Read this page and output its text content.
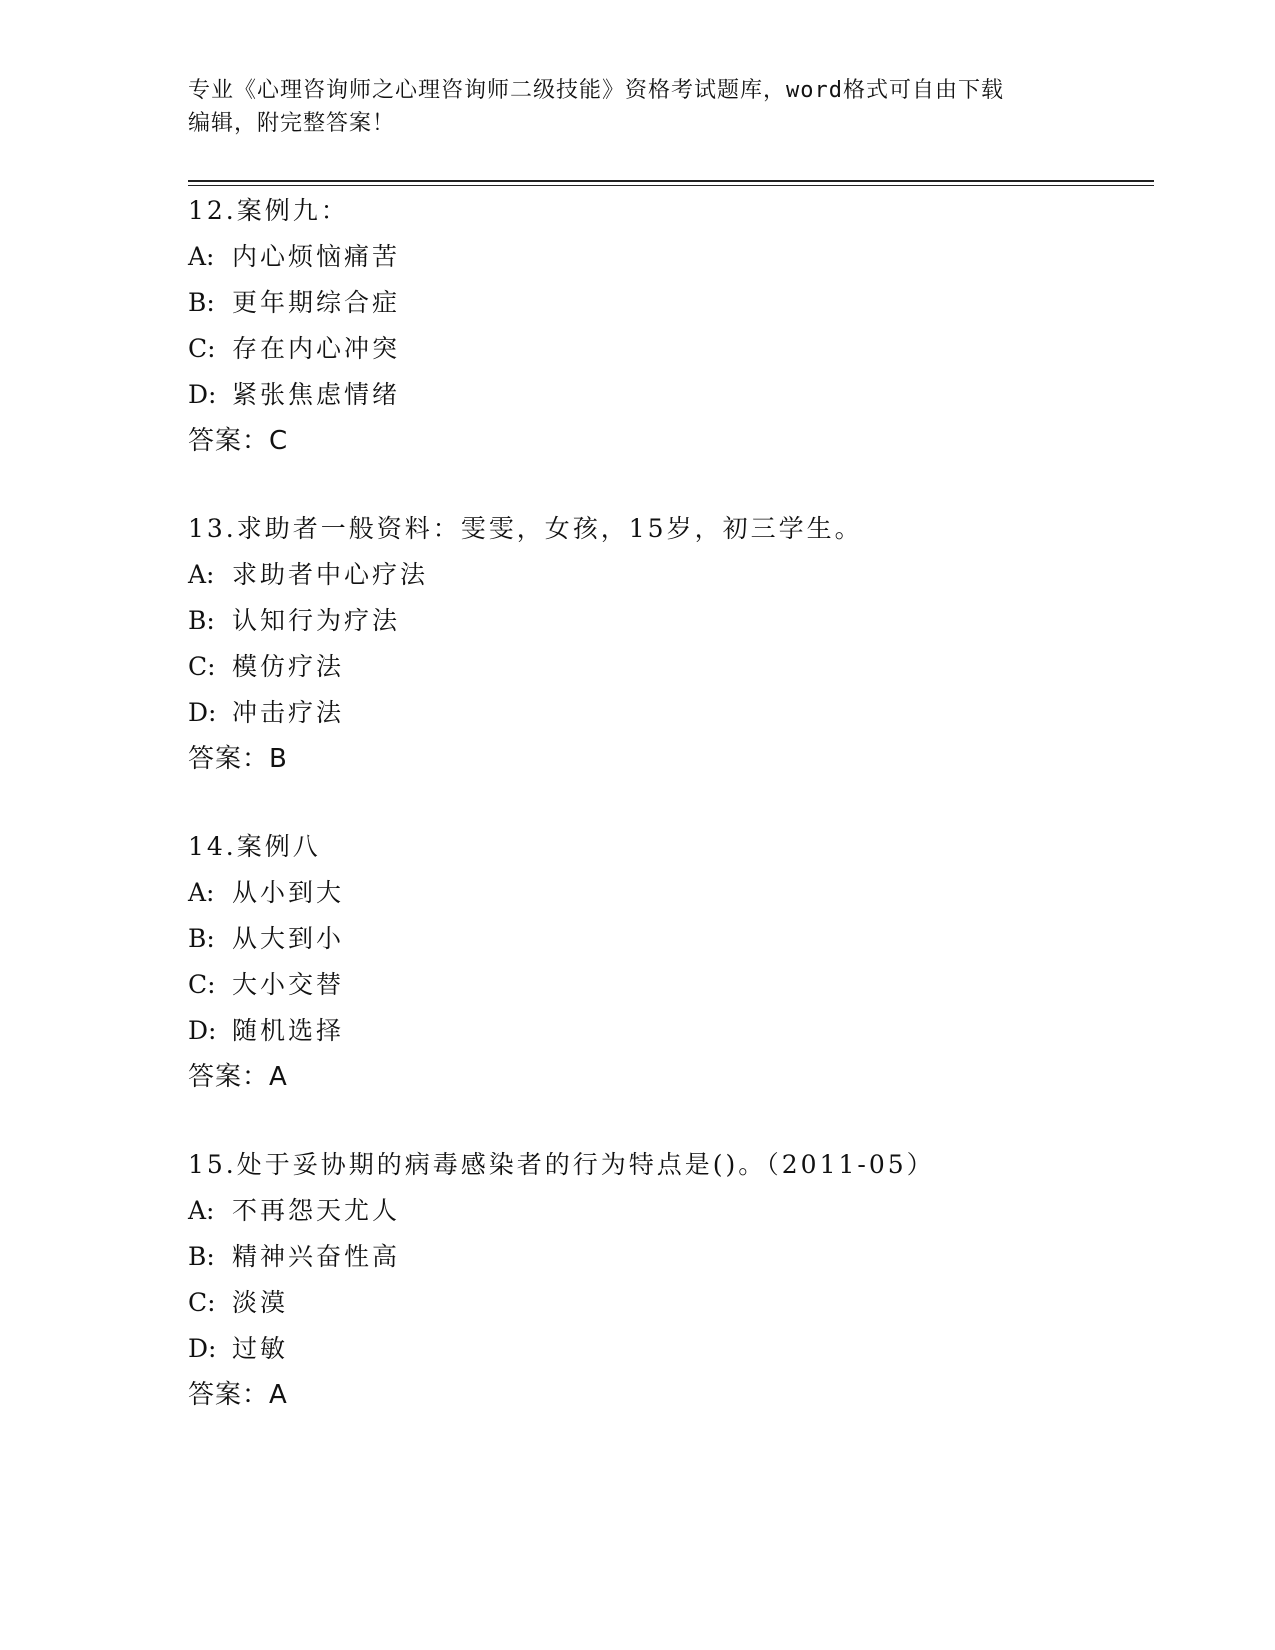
专业《心理咨询师之心理咨询师二级技能》资格考试题库，word格式可自由下载
编辑，附完整答案！
12.案例九：
A: 内心烦恼痛苦
B: 更年期综合症
C: 存在内心冲突
D: 紧张焦虑情绪
答案：C
13.求助者一般资料：雯雯，女孩，15岁，初三学生。
A: 求助者中心疗法
B: 认知行为疗法
C: 模仿疗法
D: 冲击疗法
答案：B
14.案例八
A: 从小到大
B: 从大到小
C: 大小交替
D: 随机选择
答案：A
15.处于妥协期的病毒感染者的行为特点是()。（2011-05）
A: 不再怨天尤人
B: 精神兴奋性高
C: 淡漠
D: 过敏
答案：A
